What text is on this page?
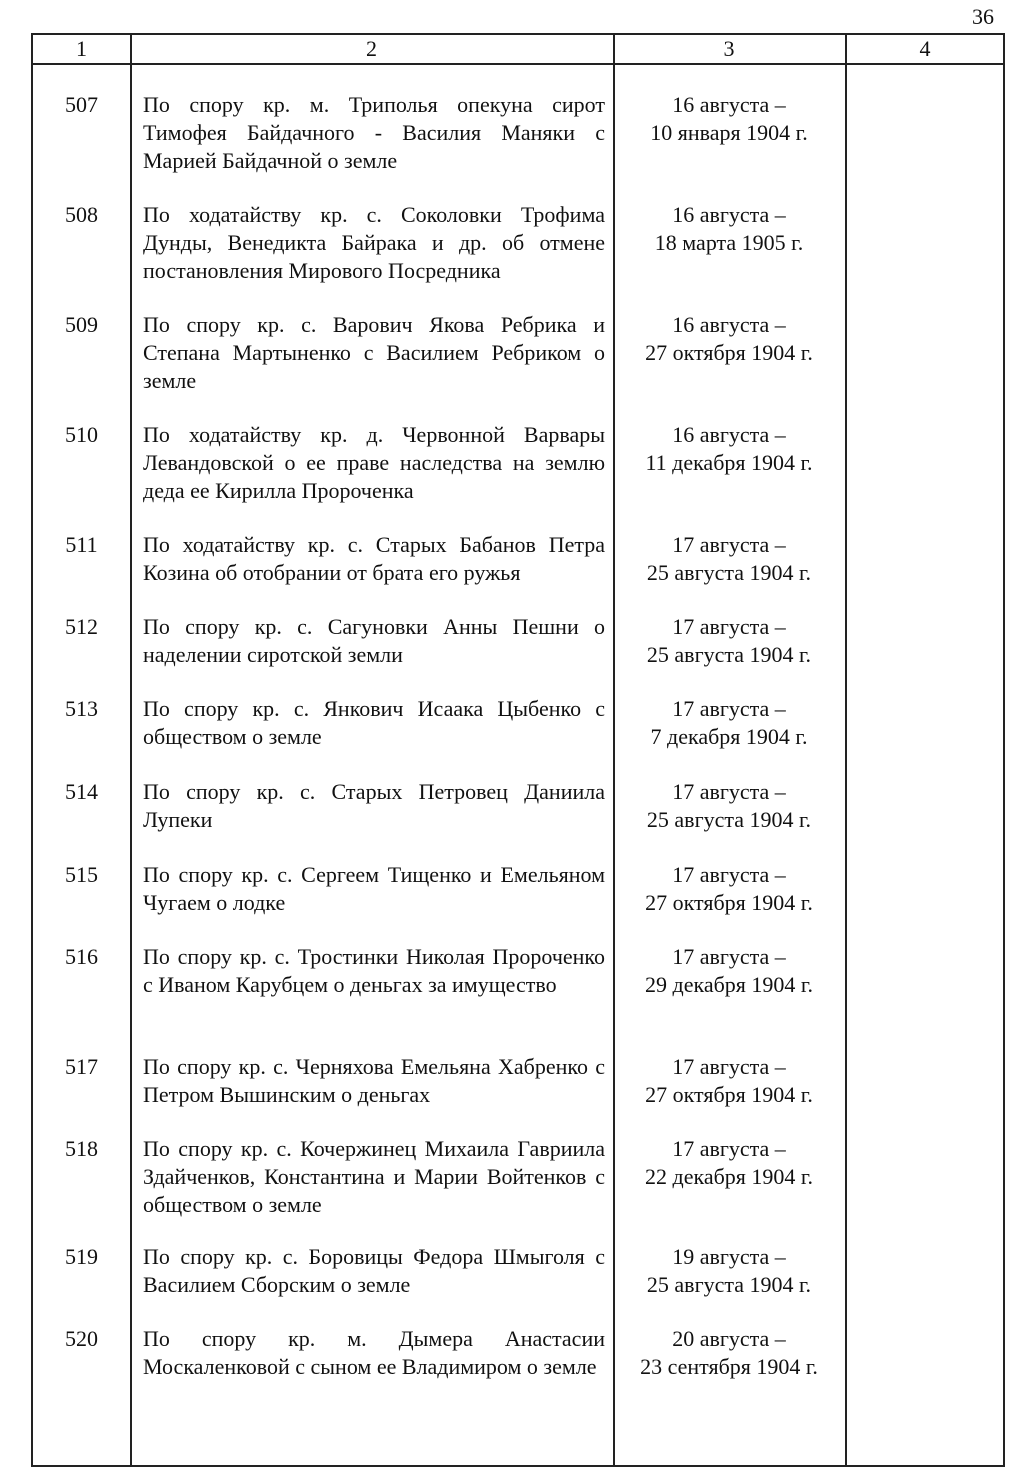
36
1	2	3	4
507	По спору кр. м. Триполья опекуна сирот Тимофея Байдачного - Василия Маняки с Марией Байдачной о земле
16 августа –
10 января 1904 г.
508	По ходатайству кр. с. Соколовки Трофима Дунды, Венедикта Байрака и др. об отмене постановления Мирового Посредника
16 августа –
18 марта 1905 г.
509	По спору кр. с. Варович Якова Ребрика и Степана Мартыненко с Василием Ребриком о земле
16 августа –
27 октября 1904 г.
510	По ходатайству кр. д. Червонной Варвары Левандовской о ее праве наследства на землю деда ее Кирилла Пророченка
16 августа –
11 декабря 1904 г.
511	По ходатайству кр. с. Старых Бабанов Петра Козина об отобрании от брата его ружья
17 августа –
25 августа 1904 г.
512	По спору кр. с. Сагуновки Анны Пешни о наделении сиротской земли
17 августа –
25 августа 1904 г.
513	По спору кр. с. Янкович Исаака Цыбенко с обществом о земле
17 августа –
7 декабря 1904 г.
514	По спору кр. с. Старых Петровец Даниила Лупеки
17 августа –
25 августа 1904 г.
515	По спору кр. с. Сергеем Тищенко и Емельяном Чугаем о лодке
17 августа –
27 октября 1904 г.
516	По спору кр. с. Тростинки Николая Пророченко с Иваном Карубцем о деньгах за имущество
17 августа –
29 декабря 1904 г.
517	По спору кр. с. Черняхова Емельяна Хабренко с Петром Вышинским о деньгах
17 августа –
27 октября 1904 г.
518	По спору кр. с. Кочержинец Михаила Гавриила Здайченков, Константина и Марии Войтенков с обществом о земле
17 августа –
22 декабря 1904 г.
519	По спору кр. с. Боровицы Федора Шмыголя с Василием Сборским о земле
19 августа –
25 августа 1904 г.
520	По спору кр. м. Дымера Анастасии Москаленковой с сыном ее Владимиром о земле
20 августа –
23 сентября 1904 г.
